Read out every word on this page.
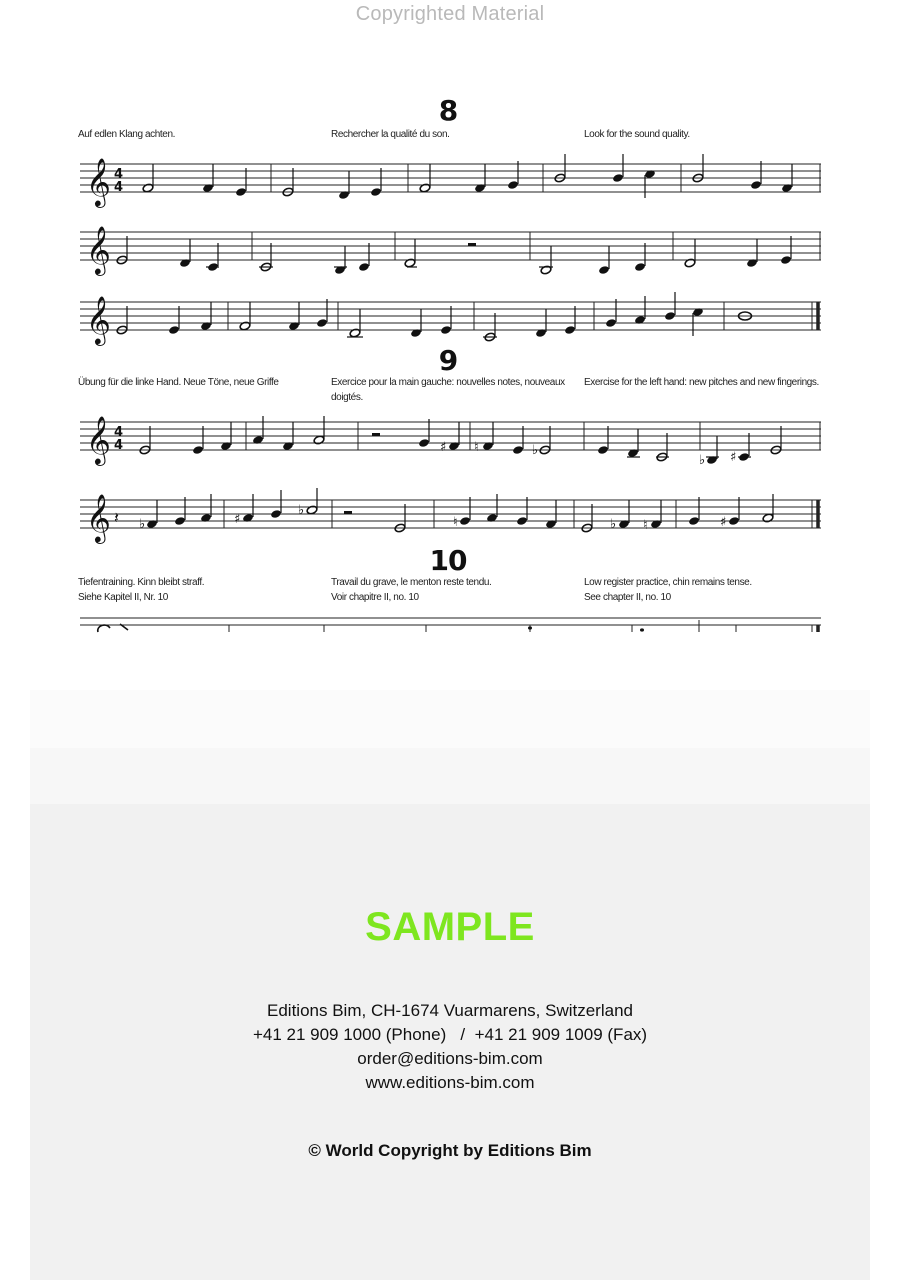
Copyrighted Material
8
Auf edlen Klang achten.	Rechercher la qualité du son.	Look for the sound quality.
𝄞 4
4
𝄞
𝄞
9
Übung für die linke Hand. Neue Töne, neue Griffe	Exercice pour la main gauche: nouvelles notes, nouveaux doigtés.
Exercise for the left hand: new pitches and new fingerings.
𝄞 4
4	♯ ♮	♭
♭ ♯
𝄞 𝄽 ♭	♯
♭
♮	♭ ♮	♯
10
Tiefentraining. Kinn bleibt straff.
Siehe Kapitel II, Nr. 10
Travail du grave, le menton reste tendu.
Voir chapitre II, no. 10
Low register practice, chin remains tense.
See chapter II, no. 10
SAMPLE
Editions Bim, CH-1674 Vuarmarens, Switzerland
+41 21 909 1000 (Phone)   /  +41 21 909 1009 (Fax)
order@editions-bim.com
www.editions-bim.com
© World Copyright by Editions Bim
